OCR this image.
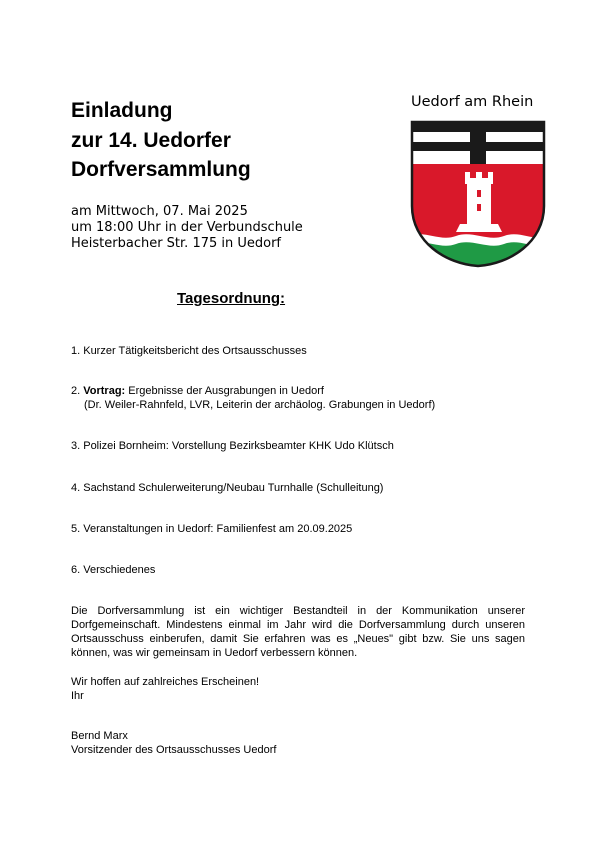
Einladung
zur 14. Uedorfer
Dorfversammlung
am Mittwoch, 07. Mai 2025
um 18:00 Uhr in der Verbundschule
Heisterbacher Str. 175 in Uedorf
Uedorf am Rhein
Tagesordnung:
1. Kurzer Tätigkeitsbericht des Ortsausschusses
2. Vortrag: Ergebnisse der Ausgrabungen in Uedorf
(Dr. Weiler-Rahnfeld, LVR, Leiterin der archäolog. Grabungen in Uedorf)
3. Polizei Bornheim: Vorstellung Bezirksbeamter KHK Udo Klütsch
4. Sachstand Schulerweiterung/Neubau Turnhalle (Schulleitung)
5. Veranstaltungen in Uedorf: Familienfest am 20.09.2025
6. Verschiedenes
Die Dorfversammlung ist ein wichtiger Bestandteil in der Kommunikation unserer Dorfgemeinschaft. Mindestens einmal im Jahr wird die Dorfversammlung durch unseren Ortsausschuss einberufen, damit Sie erfahren was es „Neues" gibt bzw. Sie uns sagen können, was wir gemeinsam in Uedorf verbessern können.
Wir hoffen auf zahlreiches Erscheinen!
Ihr
Bernd Marx
Vorsitzender des Ortsausschusses Uedorf
